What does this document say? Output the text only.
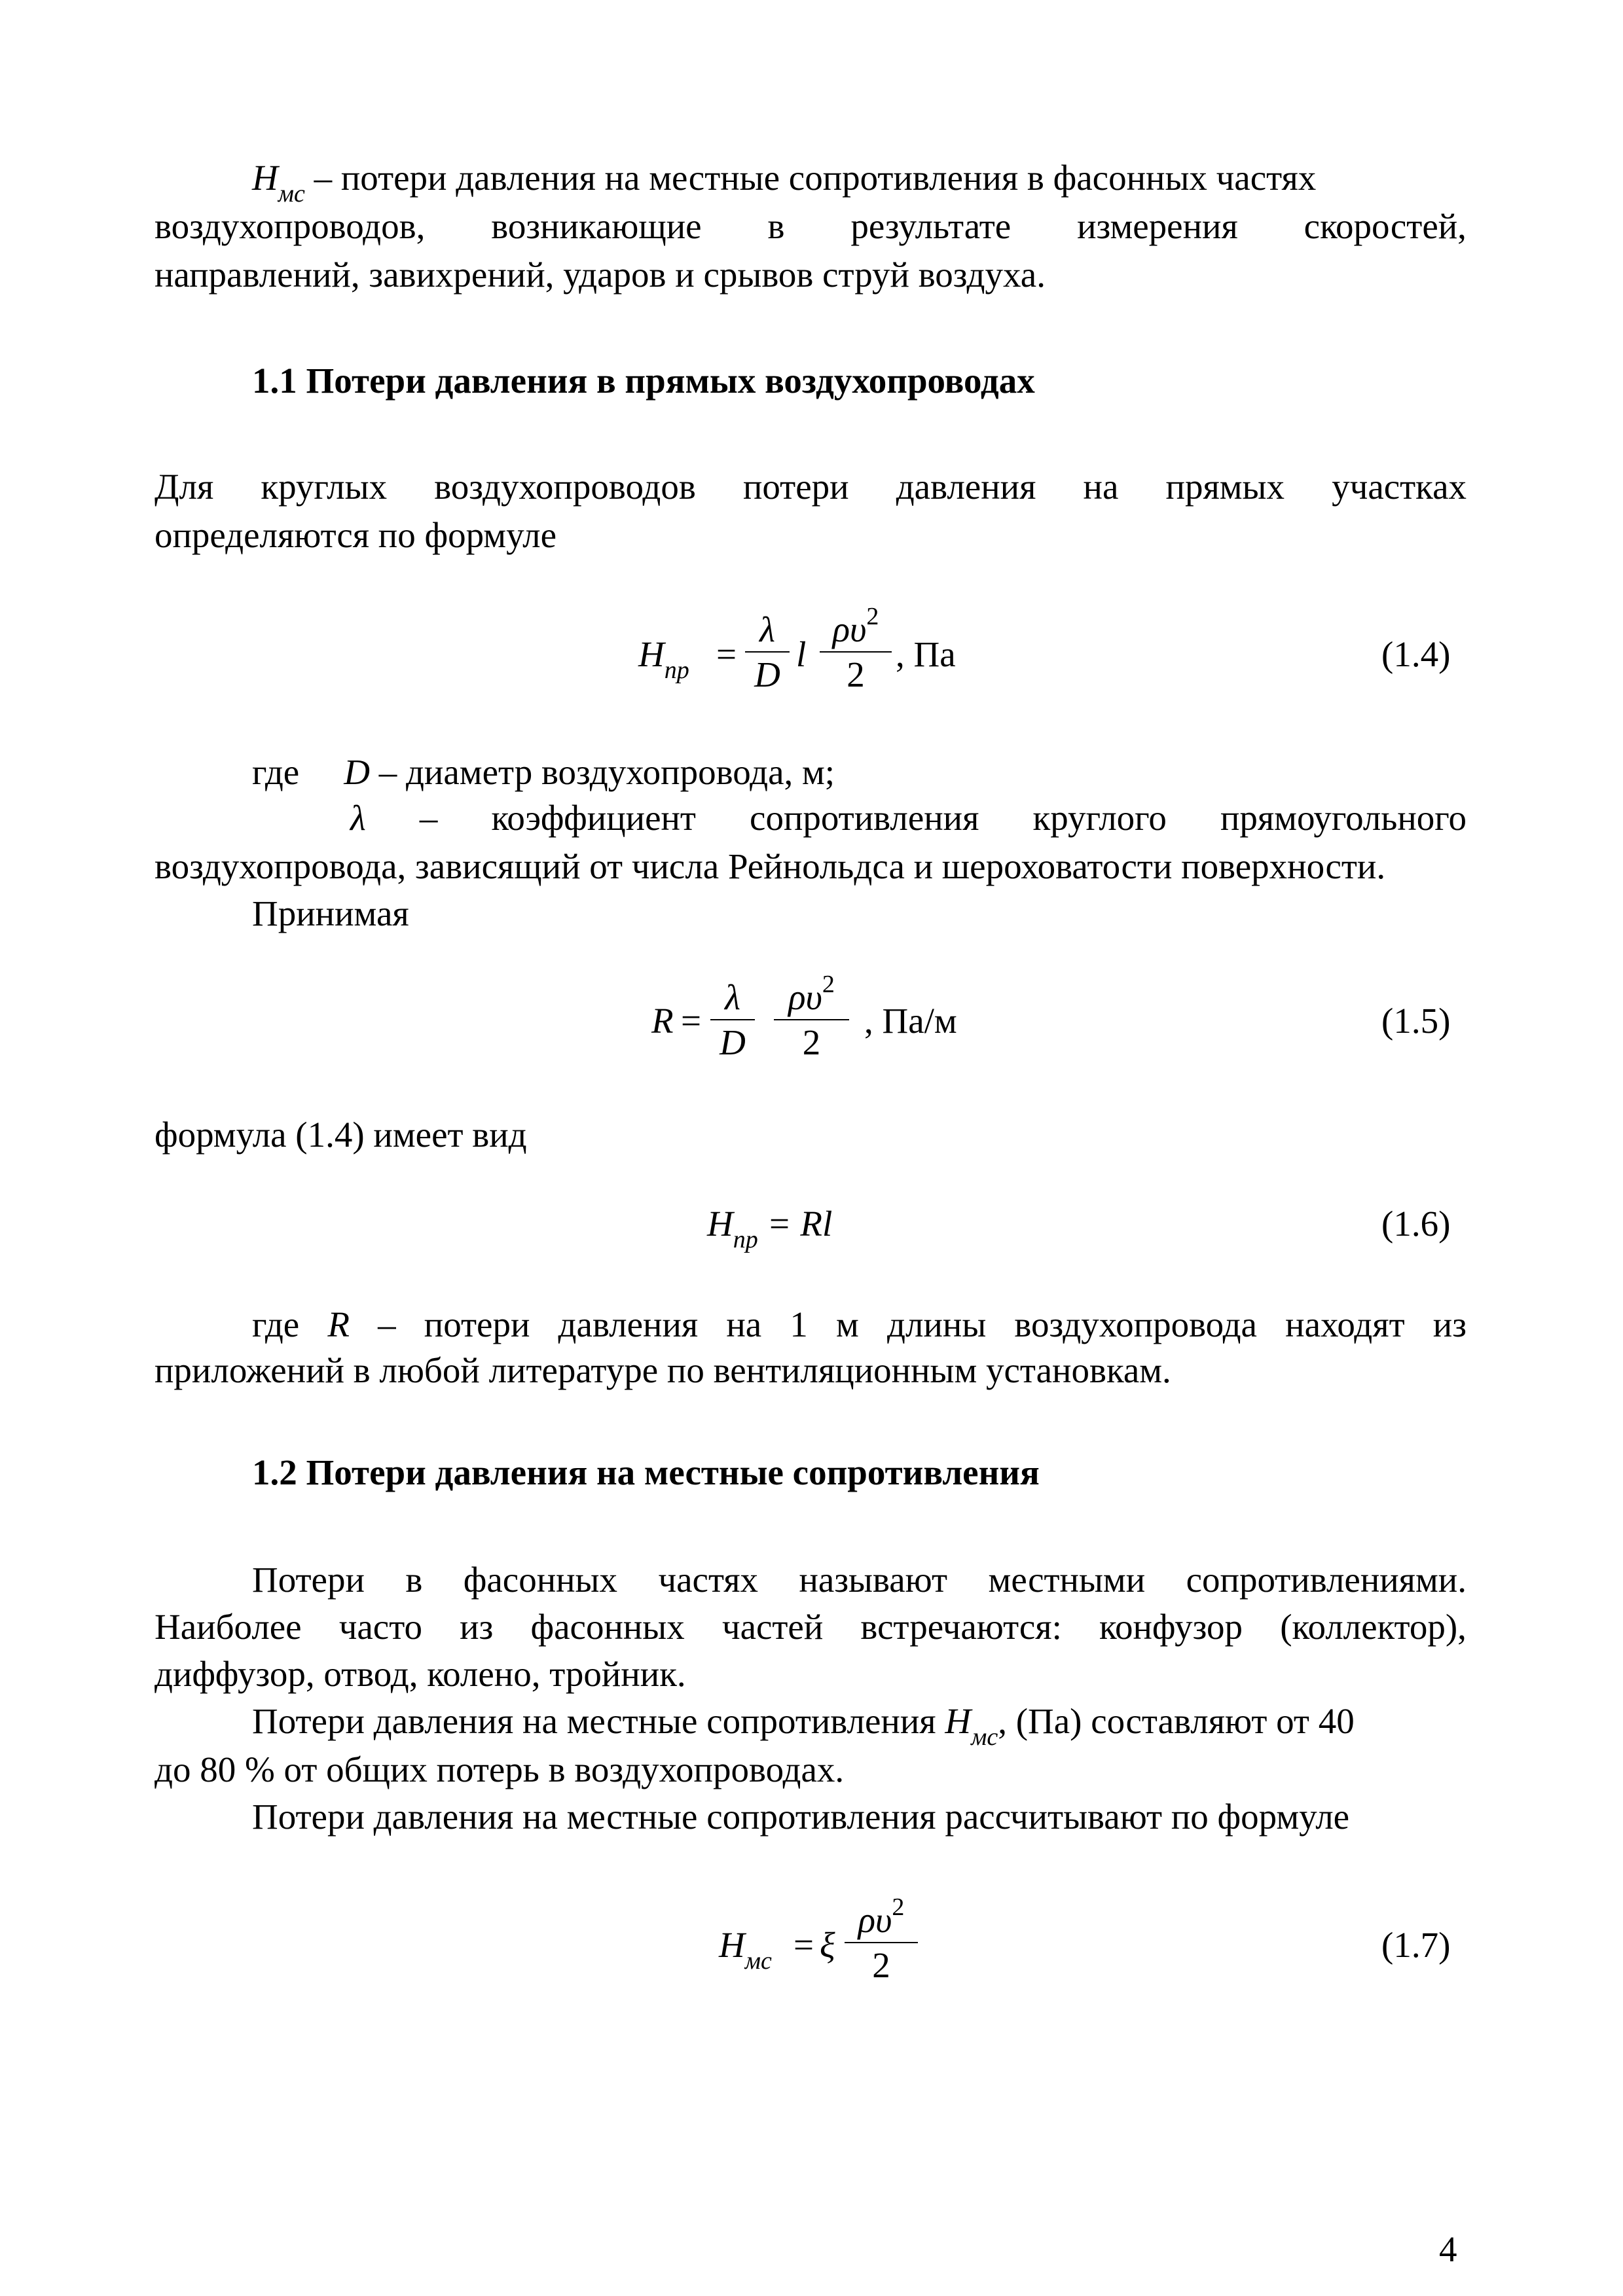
$H_{мс}$ – потери давления на местные сопротивления в фасонных частях
воздухопроводов, возникающие в результате измерения скоростей,
направлений, завихрений, ударов и срывов струй воздуха.
1.1 Потери давления в прямых воздухопроводах
Для круглых воздухопроводов потери давления на прямых участках
определяются по формуле
$H_{пр}$ =
λ
D
l
$\rho\upsilon^2$
2
, Па	(1.4)
где D – диаметр воздухопровода, м;
λ – коэффициент сопротивления круглого прямоугольного
воздухопровода, зависящий от числа Рейнольдса и шероховатости поверхности.
Принимая
R =
λ
D
$\rho\upsilon^2$
2
, Па/м	(1.5)
формула (1.4) имеет вид
$H_{пр} = Rl$	(1.6)
где R – потери давления на 1 м длины воздухопровода находят из
приложений в любой литературе по вентиляционным установкам.
1.2 Потери давления на местные сопротивления
Потери в фасонных частях называют местными сопротивлениями.
Наиболее часто из фасонных частей встречаются: конфузор (коллектор),
диффузор, отвод, колено, тройник.
Потери давления на местные сопротивления $H_{мс}$, (Па) составляют от 40
до 80 % от общих потерь в воздухопроводах.
Потери давления на местные сопротивления рассчитывают по формуле
$H_{мс} = \xi$
$\rho\upsilon^2$
2
(1.7)
4
